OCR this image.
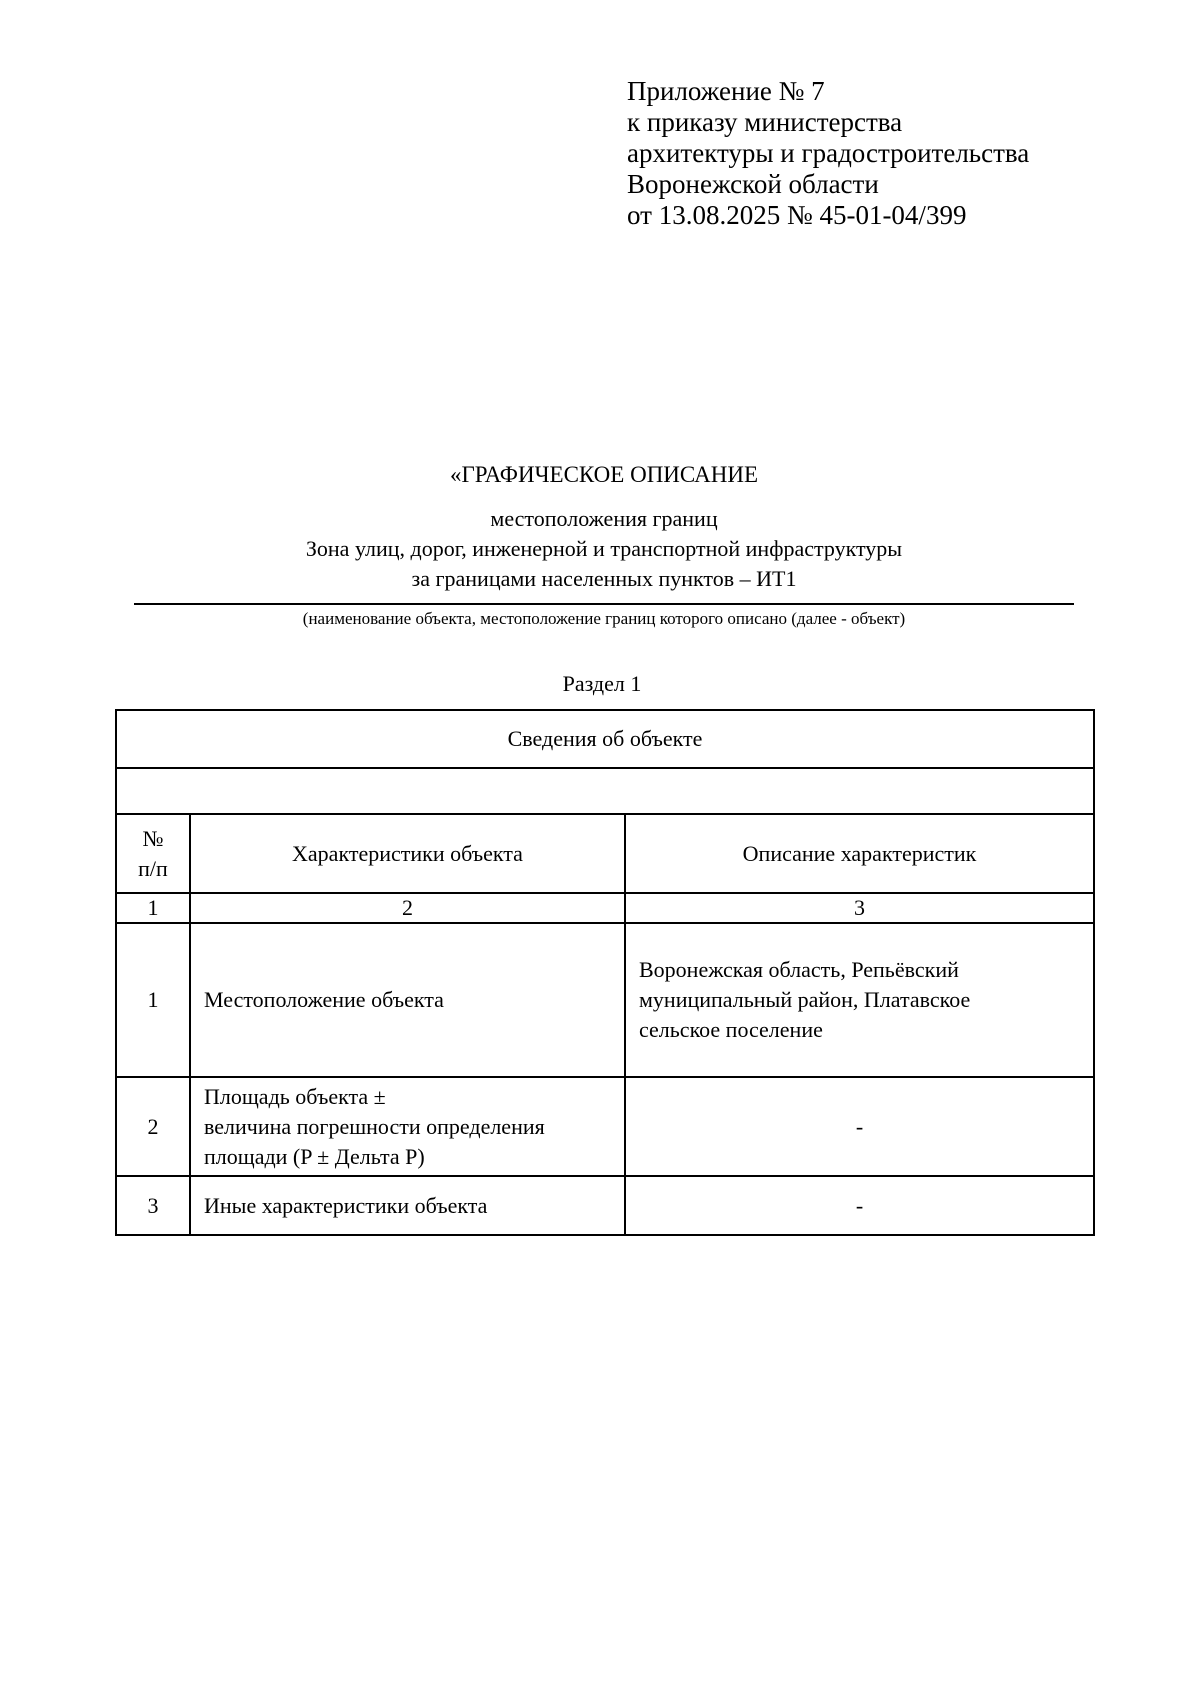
Приложение № 7
к приказу министерства
архитектуры и градостроительства
Воронежской области
от 13.08.2025 № 45-01-04/399
«ГРАФИЧЕСКОЕ ОПИСАНИЕ
местоположения границ
Зона улиц, дорог, инженерной и транспортной инфраструктуры
за границами населенных пунктов – ИТ1
(наименование объекта, местоположение границ которого описано (далее - объект)
Раздел 1
Сведения об объекте		

№
п/п	Характеристики объекта	Описание характеристик
1	2	3
1	Местоположение объекта	Воронежская область, Репьёвский
муниципальный район, Платавское
сельское поселение

2	Площадь объекта ±
величина погрешности определения
площади (P ± Дельта P)	-
3	Иные характеристики объекта	-
